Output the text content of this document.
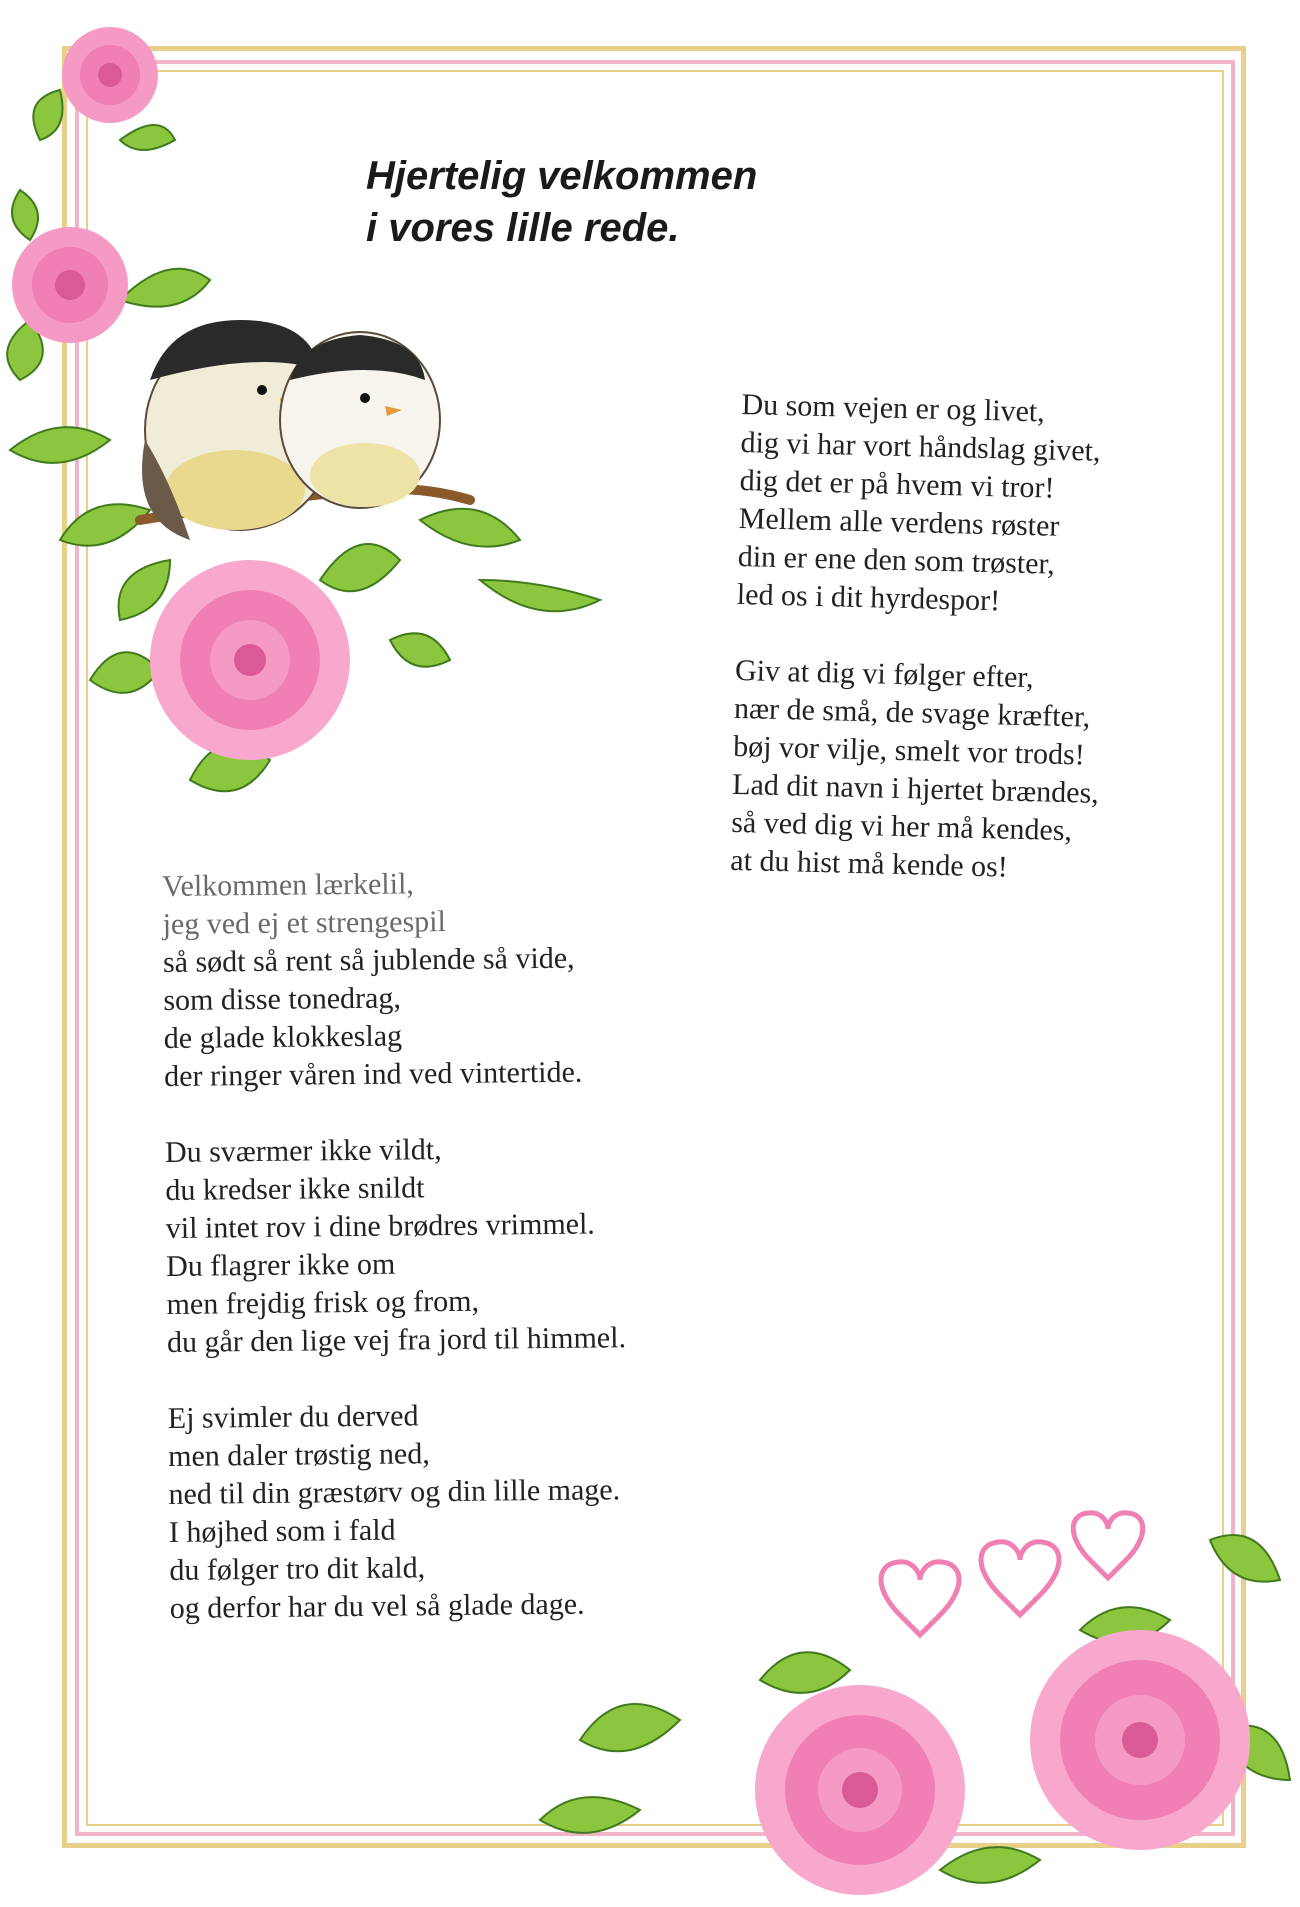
Hjertelig velkommen
i vores lille rede.
Du som vejen er og livet,
dig vi har vort håndslag givet,
dig det er på hvem vi tror!
Mellem alle verdens røster
din er ene den som trøster,
led os i dit hyrdespor!
Giv at dig vi følger efter,
nær de små, de svage kræfter,
bøj vor vilje, smelt vor trods!
Lad dit navn i hjertet brændes,
så ved dig vi her må kendes,
at du hist må kende os!
Velkommen lærkelil,
jeg ved ej et strengespil
så sødt så rent så jublende så vide,
som disse tonedrag,
de glade klokkeslag
der ringer våren ind ved vintertide.
Du sværmer ikke vildt,
du kredser ikke snildt
vil intet rov i dine brødres vrimmel.
Du flagrer ikke om
men frejdig frisk og from,
du går den lige vej fra jord til himmel.
Ej svimler du derved
men daler trøstig ned,
ned til din græstørv og din lille mage.
I højhed som i fald
du følger tro dit kald,
og derfor har du vel så glade dage.
